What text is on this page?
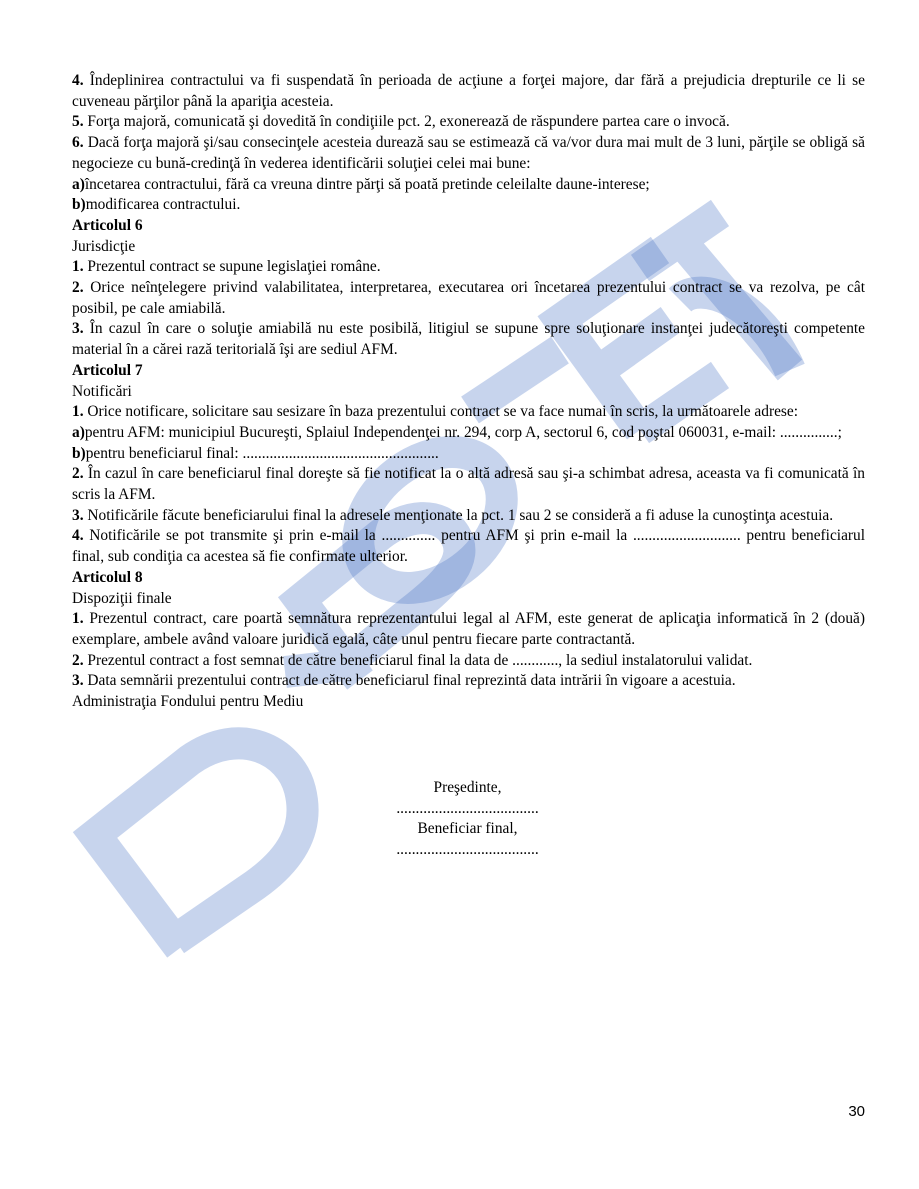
4. Îndeplinirea contractului va fi suspendată în perioada de acţiune a forţei majore, dar fără a prejudicia drepturile ce li se cuveneau părţilor până la apariţia acesteia.

5. Forţa majoră, comunicată şi dovedită în condiţiile pct. 2, exonerează de răspundere partea care o invocă.

6. Dacă forţa majoră şi/sau consecinţele acesteia durează sau se estimează că va/vor dura mai mult de 3 luni, părţile se obligă să negocieze cu bună-credinţă în vederea identificării soluţiei celei mai bune:

a)încetarea contractului, fără ca vreuna dintre părţi să poată pretinde celeilalte daune-interese;

b)modificarea contractului.

Articolul 6

Jurisdicţie

1. Prezentul contract se supune legislaţiei române.

2. Orice neînţelegere privind valabilitatea, interpretarea, executarea ori încetarea prezentului contract se va rezolva, pe cât posibil, pe cale amiabilă.

3. În cazul în care o soluţie amiabilă nu este posibilă, litigiul se supune spre soluţionare instanţei judecătoreşti competente material în a cărei rază teritorială îşi are sediul AFM.

Articolul 7

Notificări

1. Orice notificare, solicitare sau sesizare în baza prezentului contract se va face numai în scris, la următoarele adrese:

a)pentru AFM: municipiul Bucureşti, Splaiul Independenţei nr. 294, corp A, sectorul 6, cod poştal 060031, e-mail: ...............;

b)pentru beneficiarul final: ...................................................

2. În cazul în care beneficiarul final doreşte să fie notificat la o altă adresă sau şi-a schimbat adresa, aceasta va fi comunicată în scris la AFM.

3. Notificările făcute beneficiarului final la adresele menţionate la pct. 1 sau 2 se consideră a fi aduse la cunoştinţa acestuia.

4. Notificările se pot transmite şi prin e-mail la .............. pentru AFM şi prin e-mail la ............................ pentru beneficiarul final, sub condiţia ca acestea să fie confirmate ulterior.

Articolul 8

Dispoziţii finale

1. Prezentul contract, care poartă semnătura reprezentantului legal al AFM, este generat de aplicaţia informatică în 2 (două) exemplare, ambele având valoare juridică egală, câte unul pentru fiecare parte contractantă.

2. Prezentul contract a fost semnat de către beneficiarul final la data de ............, la sediul instalatorului validat.

3. Data semnării prezentului contract de către beneficiarul final reprezintă data intrării în vigoare a acestuia.

Administraţia Fondului pentru Mediu

Preşedinte,
.....................................
Beneficiar final,
.....................................
30
